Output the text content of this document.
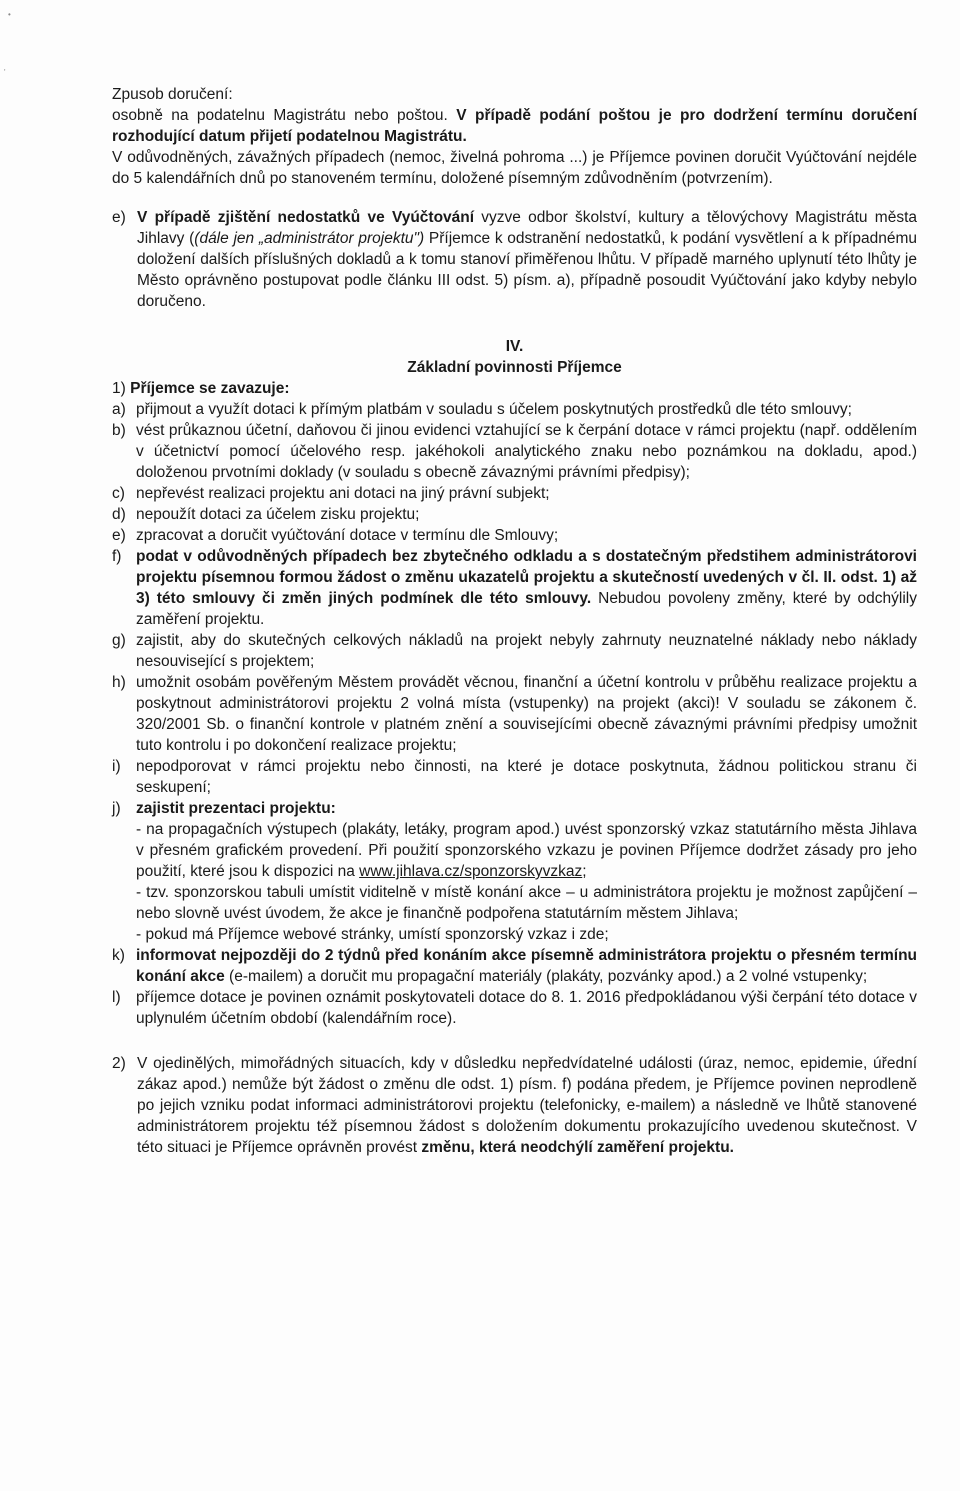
•
'

Zpusob doručení:

osobně na podatelnu Magistrátu nebo poštou. V případě podání poštou je pro dodržení termínu doručení rozhodující datum přijetí podatelnou Magistrátu.

V odůvodněných, závažných případech (nemoc, živelná pohroma ...) je Příjemce povinen doručit Vyúčtování nejdéle do 5 kalendářních dnů po stanoveném termínu, doložené písemným zdůvodněním (potvrzením).

e) V případě zjištění nedostatků ve Vyúčtování vyzve odbor školství, kultury a tělovýchovy Magistrátu města Jihlavy ((dále jen „administrátor projektu") Příjemce k odstranění nedostatků, k podání vysvětlení a k případnému doložení dalších příslušných dokladů a k tomu stanoví přiměřenou lhůtu. V případě marného uplynutí této lhůty je Město oprávněno postupovat podle článku III odst. 5) písm. a), případně posoudit Vyúčtování jako kdyby nebylo doručeno.

IV.

Základní povinnosti Příjemce

1) Příjemce se zavazuje:

a) přijmout a využít dotaci k přímým platbám v souladu s účelem poskytnutých prostředků dle této smlouvy;
b) vést průkaznou účetní, daňovou či jinou evidenci vztahující se k čerpání dotace v rámci projektu (např. oddělením v účetnictví pomocí účelového resp. jakéhokoli analytického znaku nebo poznámkou na dokladu, apod.) doloženou prvotními doklady (v souladu s obecně závaznými právními předpisy);
c) nepřevést realizaci projektu ani dotaci na jiný právní subjekt;
d) nepoužít dotaci za účelem zisku projektu;
e) zpracovat a doručit vyúčtování dotace v termínu dle Smlouvy;
f) podat v odůvodněných případech bez zbytečného odkladu a s dostatečným předstihem administrátorovi projektu písemnou formou žádost o změnu ukazatelů projektu a skutečností uvedených v čl. II. odst. 1) až 3) této smlouvy či změn jiných podmínek dle této smlouvy. Nebudou povoleny změny, které by odchýlily zaměření projektu.
g) zajistit, aby do skutečných celkových nákladů na projekt nebyly zahrnuty neuznatelné náklady nebo náklady nesouvisející s projektem;
h) umožnit osobám pověřeným Městem provádět věcnou, finanční a účetní kontrolu v průběhu realizace projektu a poskytnout administrátorovi projektu 2 volná místa (vstupenky) na projekt (akci)! V souladu se zákonem č. 320/2001 Sb. o finanční kontrole v platném znění a souvisejícími obecně závaznými právními předpisy umožnit tuto kontrolu i po dokončení realizace projektu;
i) nepodporovat v rámci projektu nebo činnosti, na které je dotace poskytnuta, žádnou politickou stranu či seskupení;
j) zajistit prezentaci projektu:

- na propagačních výstupech (plakáty, letáky, program apod.) uvést sponzorský vzkaz statutárního města Jihlava v přesném grafickém provedení. Při použití sponzorského vzkazu je povinen Příjemce dodržet zásady pro jeho použití, které jsou k dispozici na www.jihlava.cz/sponzorskyvzkaz;

- tzv. sponzorskou tabuli umístit viditelně v místě konání akce – u administrátora projektu je možnost zapůjčení – nebo slovně uvést úvodem, že akce je finančně podpořena statutárním městem Jihlava;

- pokud má Příjemce webové stránky, umístí sponzorský vzkaz i zde;

k) informovat nejpozději do 2 týdnů před konáním akce písemně administrátora projektu o přesném termínu konání akce (e-mailem) a doručit mu propagační materiály (plakáty, pozvánky apod.) a 2 volné vstupenky;
l) příjemce dotace je povinen oznámit poskytovateli dotace do 8. 1. 2016 předpokládanou výši čerpání této dotace v uplynulém účetním období (kalendářním roce).
2) V ojedinělých, mimořádných situacích, kdy v důsledku nepředvídatelné události (úraz, nemoc, epidemie, úřední zákaz apod.) nemůže být žádost o změnu dle odst. 1) písm. f) podána předem, je Příjemce povinen neprodleně po jejich vzniku podat informaci administrátorovi projektu (telefonicky, e-mailem) a následně ve lhůtě stanovené administrátorem projektu též písemnou žádost s doložením dokumentu prokazujícího uvedenou skutečnost. V této situaci je Příjemce oprávněn provést změnu, která neodchýlí zaměření projektu.
